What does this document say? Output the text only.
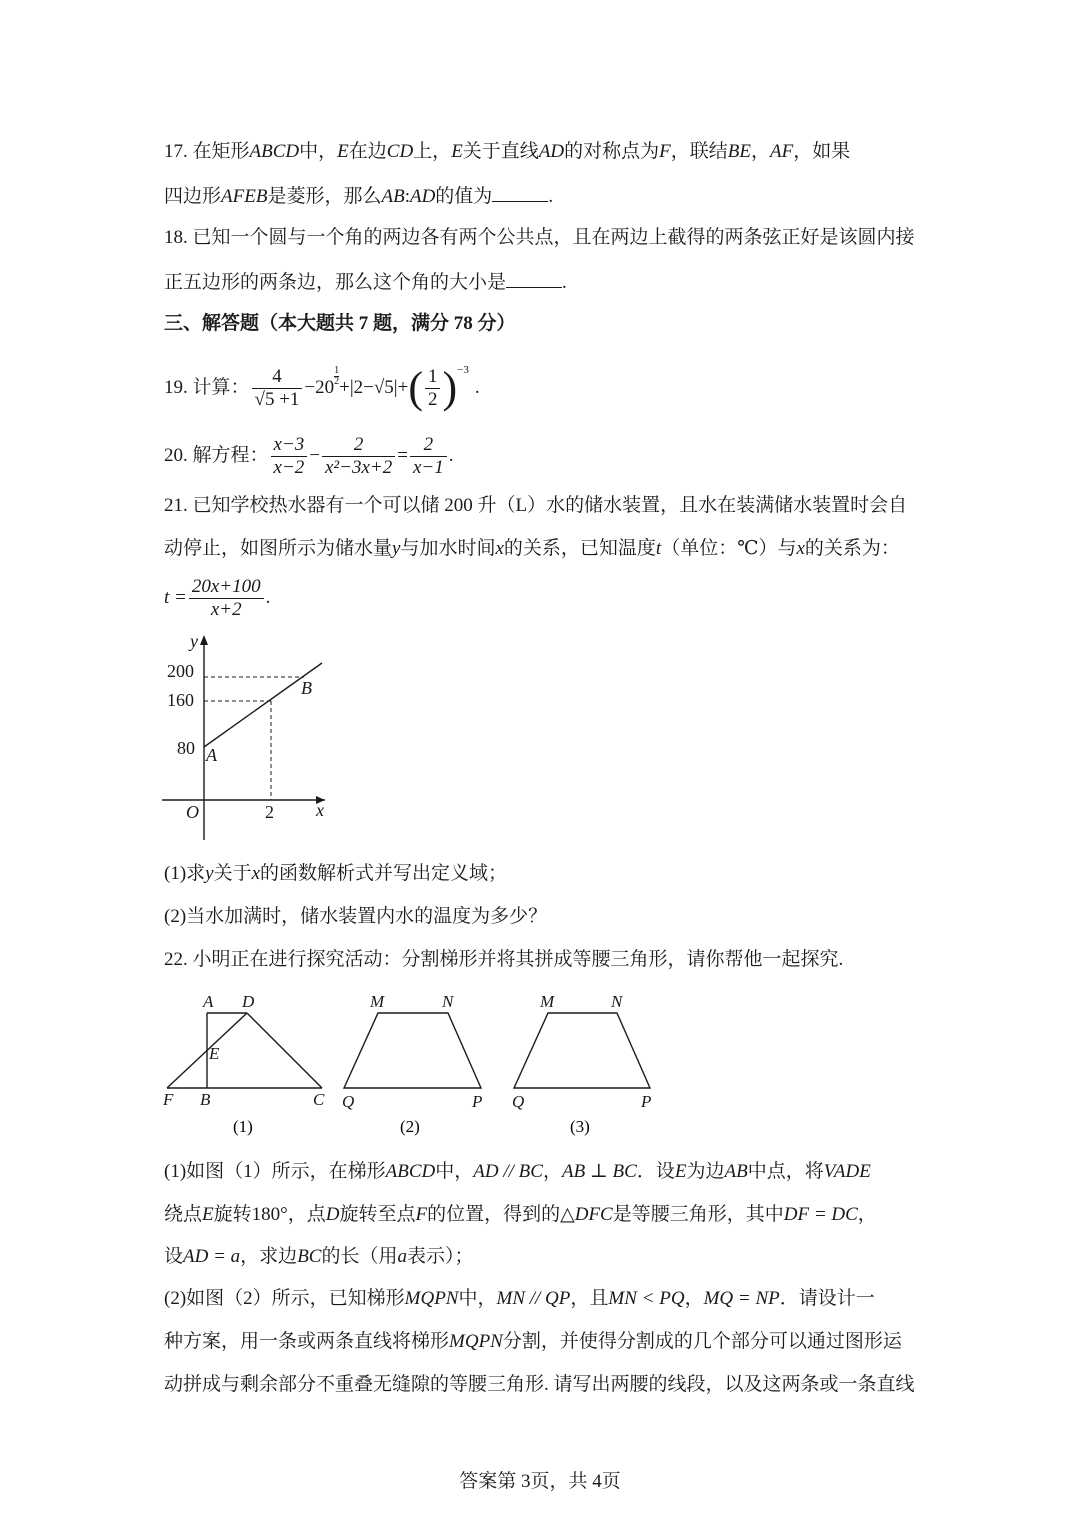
17. 在矩形ABCD中，E在边CD上，E关于直线AD的对称点为F，联结BE，AF，如果
四边形AFEB是菱形，那么AB:AD的值为	.
18. 已知一个圆与一个角的两边各有两个公共点，且在两边上截得的两条弦正好是该圆内接
正五边形的两条边，那么这个角的大小是	.
三、解答题（本大题共 7 题，满分 78 分）
19. 计算： $\frac{4}{√5 +1} -20$
$\frac{1}{2}$
+|2−√5|+ ( $\frac{1}{2}$ ) −3
.
20. 解方程： $\frac{x-3}{x-2} - \frac{2}{\text{x²−3x+2}} = \frac{2}{x-1}$ .
21. 已知学校热水器有一个可以储 200 升（L）水的储水装置，且水在装满储水装置时会自
动停止，如图所示为储水量y与加水时间x的关系，已知温度t（单位：℃）与x的关系为：
$t = \frac{20x+100}{x+2}$ .
y
200
160
80 A
B
O	2 x
(1)求y关于x的函数解析式并写出定义域；
(2)当水加满时，储水装置内水的温度为多少？
22. 小明正在进行探究活动：分割梯形并将其拼成等腰三角形，请你帮他一起探究.
A D
E
F B	C
(1)
M	N
Q	P
(2)
M	N
Q	P
(3)
(1)如图（1）所示，在梯形ABCD中，AD // BC，AB ⊥ BC．设E为边AB中点，将VADE
绕点E旋转180°，点D旋转至点F的位置，得到的△DFC是等腰三角形，其中DF = DC，
设AD = a，求边BC的长（用a表示）；
(2)如图（2）所示，已知梯形MQPN中，MN // QP，且MN < PQ，MQ = NP．请设计一
种方案，用一条或两条直线将梯形MQPN分割，并使得分割成的几个部分可以通过图形运
动拼成与剩余部分不重叠无缝隙的等腰三角形. 请写出两腰的线段，以及这两条或一条直线
答案第 3页，共 4页
